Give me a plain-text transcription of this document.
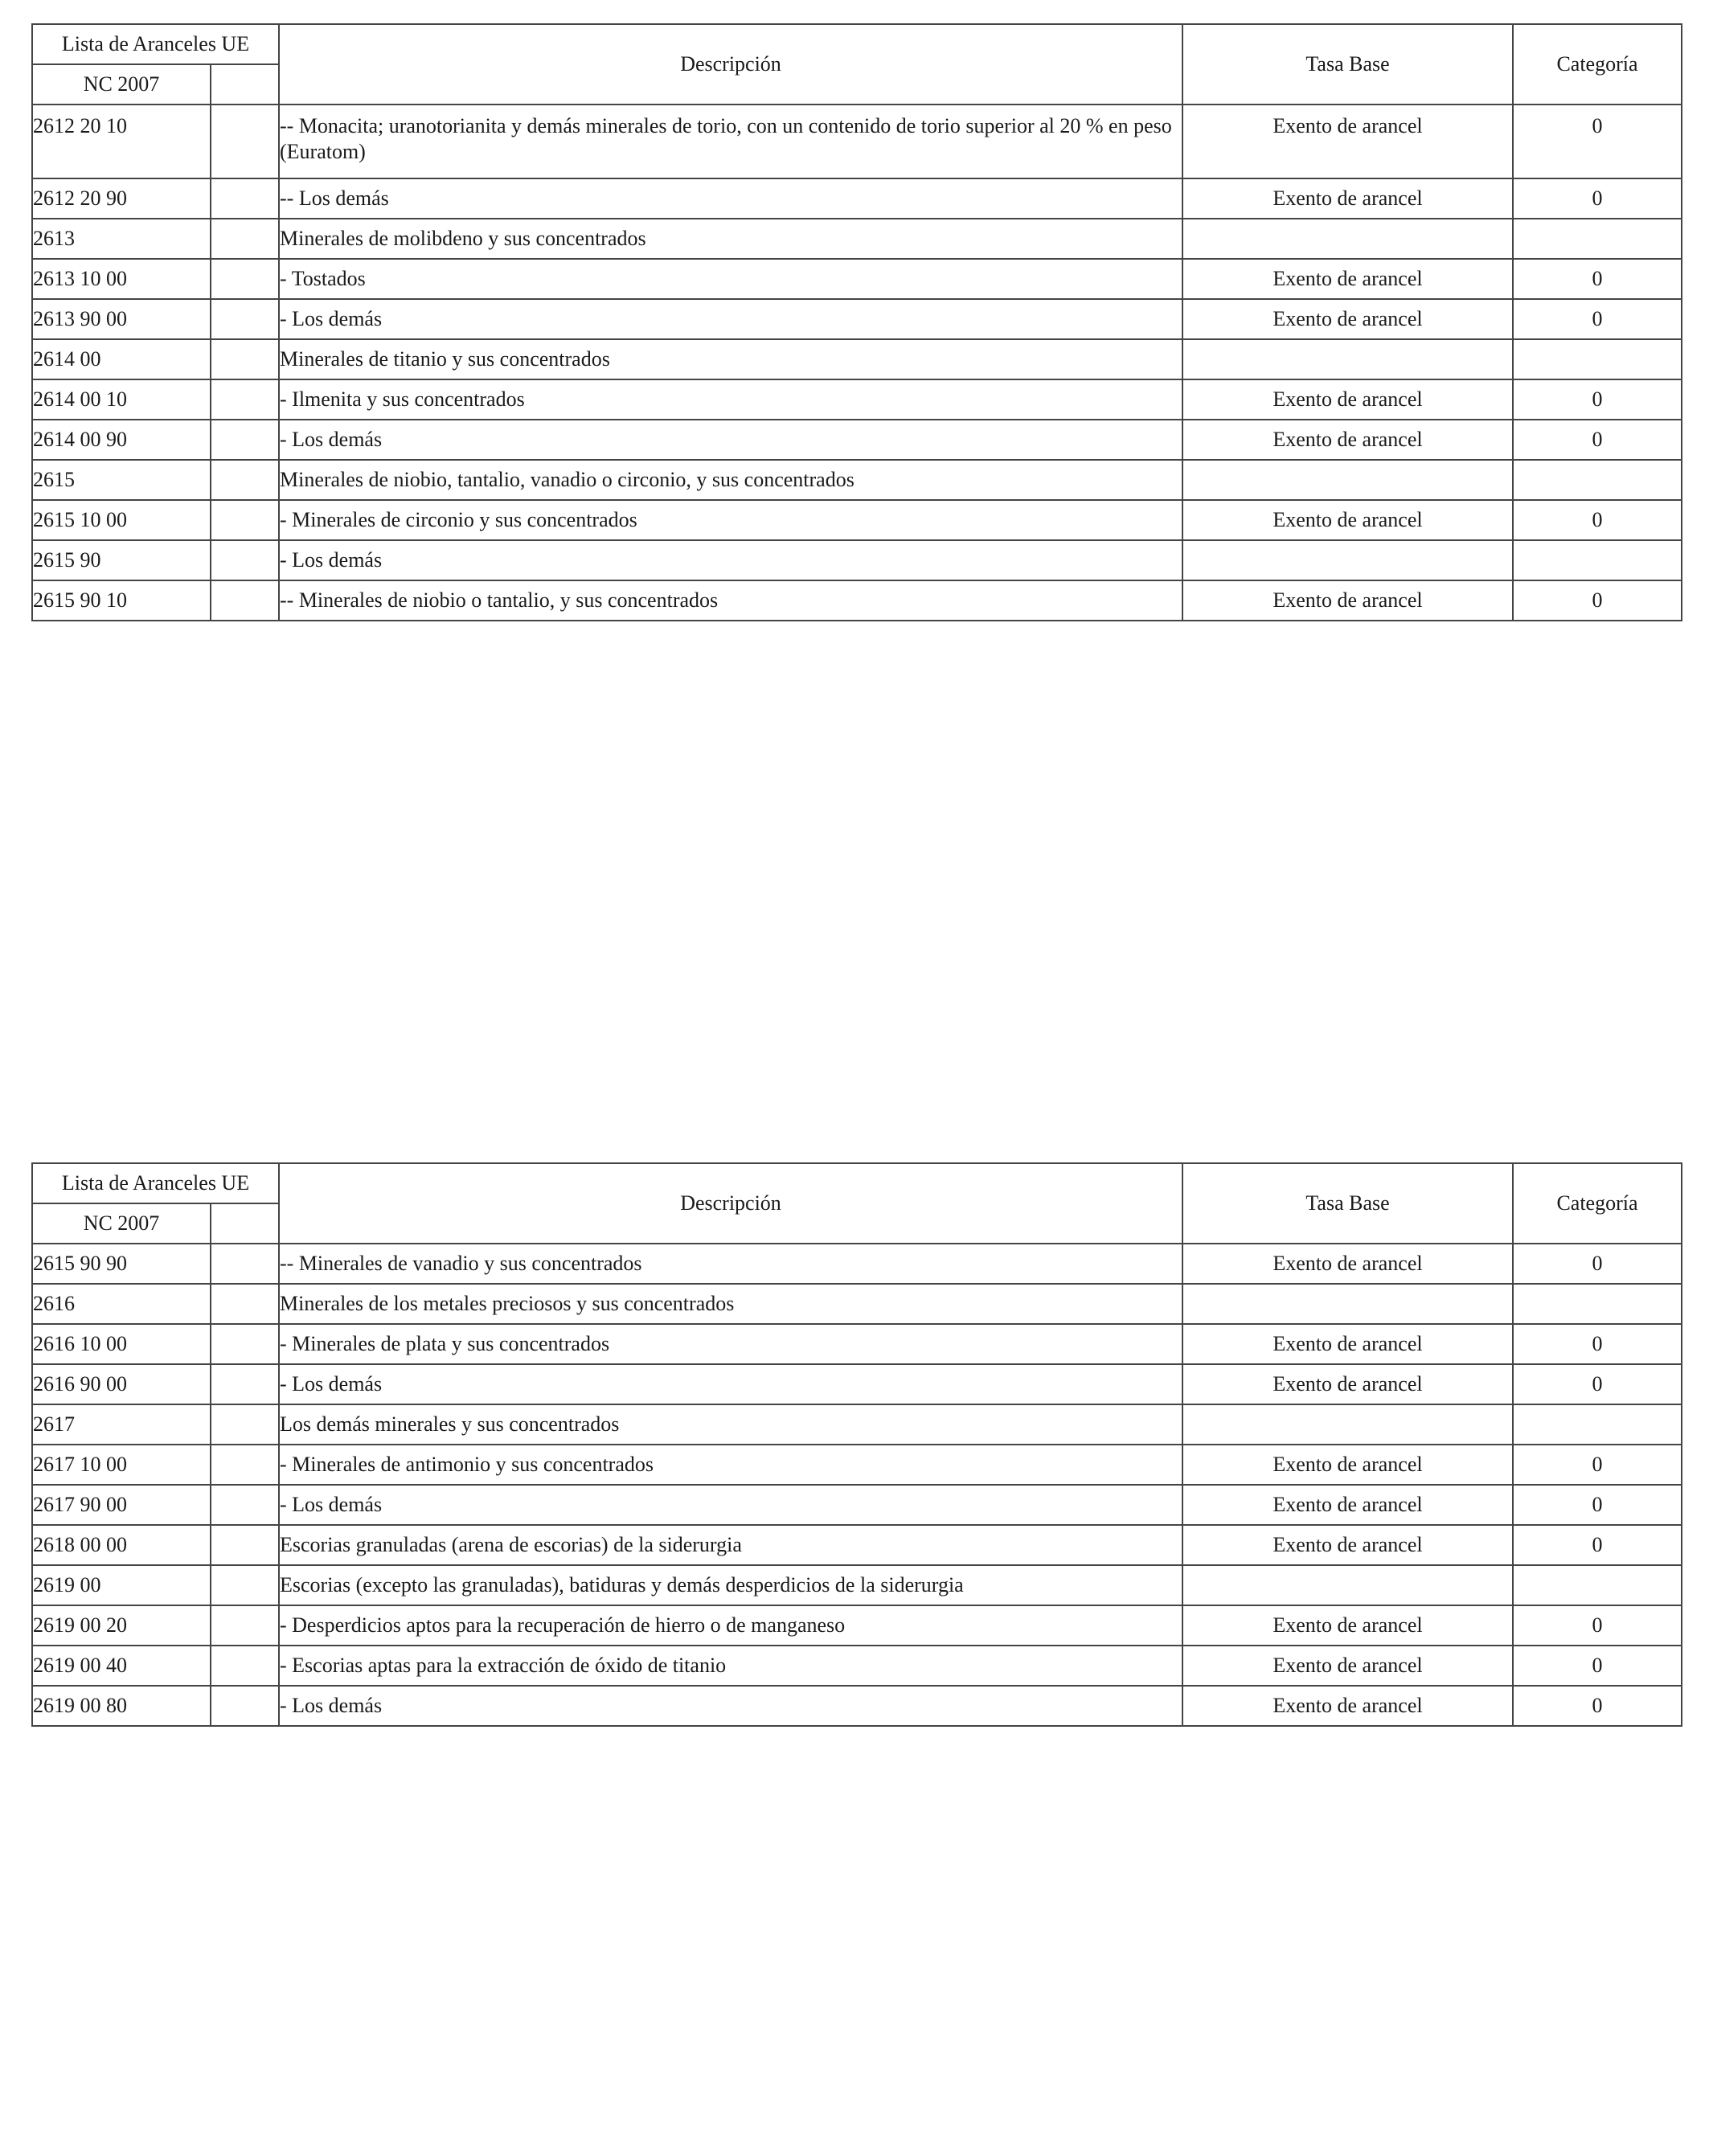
Lista de Aranceles UE		Descripción	Tasa Base	Categoría
NC 2007				
2612 20 10		-- Monacita; uranotorianita y demás minerales de torio, con un contenido de torio superior al 20 % en peso (Euratom)	Exento de arancel	0
2612 20 90		-- Los demás	Exento de arancel	0
2613		Minerales de molibdeno y sus concentrados		
2613 10 00		- Tostados	Exento de arancel	0
2613 90 00		- Los demás	Exento de arancel	0
2614 00		Minerales de titanio y sus concentrados		
2614 00 10		- Ilmenita y sus concentrados	Exento de arancel	0
2614 00 90		- Los demás	Exento de arancel	0
2615		Minerales de niobio, tantalio, vanadio o circonio, y sus concentrados		
2615 10 00		- Minerales de circonio y sus concentrados	Exento de arancel	0
2615 90		- Los demás		
2615 90 10		-- Minerales de niobio o tantalio, y sus concentrados	Exento de arancel	0
Lista de Aranceles UE		Descripción	Tasa Base	Categoría
NC 2007				
2615 90 90		-- Minerales de vanadio y sus concentrados	Exento de arancel	0
2616		Minerales de los metales preciosos y sus concentrados		
2616 10 00		- Minerales de plata y sus concentrados	Exento de arancel	0
2616 90 00		- Los demás	Exento de arancel	0
2617		Los demás minerales y sus concentrados		
2617 10 00		- Minerales de antimonio y sus concentrados	Exento de arancel	0
2617 90 00		- Los demás	Exento de arancel	0
2618 00 00		Escorias granuladas (arena de escorias) de la siderurgia	Exento de arancel	0
2619 00		Escorias (excepto las granuladas), batiduras y demás desperdicios de la siderurgia		
2619 00 20		- Desperdicios aptos para la recuperación de hierro o de manganeso	Exento de arancel	0
2619 00 40		- Escorias aptas para la extracción de óxido de titanio	Exento de arancel	0
2619 00 80		- Los demás	Exento de arancel	0
